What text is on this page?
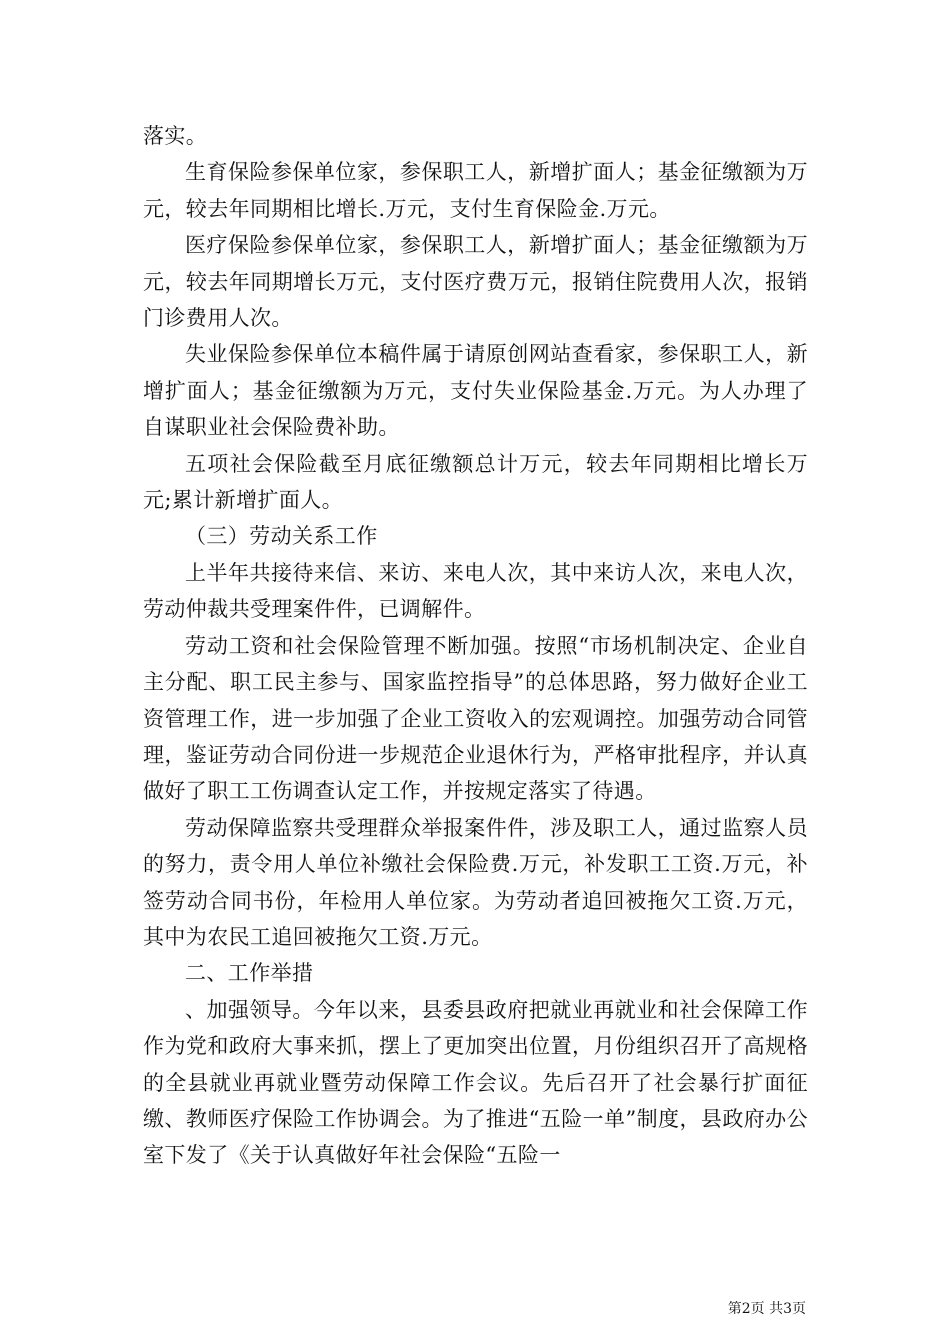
落实。

生育保险参保单位家，参保职工人，新增扩面人；基金征缴额为万元，较去年同期相比增长.万元，支付生育保险金.万元。

医疗保险参保单位家，参保职工人，新增扩面人；基金征缴额为万元，较去年同期增长万元，支付医疗费万元，报销住院费用人次，报销门诊费用人次。

失业保险参保单位本稿件属于请原创网站查看家，参保职工人，新增扩面人；基金征缴额为万元，支付失业保险基金.万元。为人办理了自谋职业社会保险费补助。

五项社会保险截至月底征缴额总计万元，较去年同期相比增长万元;累计新增扩面人。

（三）劳动关系工作

上半年共接待来信、来访、来电人次，其中来访人次，来电人次，劳动仲裁共受理案件件，已调解件。

劳动工资和社会保险管理不断加强。按照“市场机制决定、企业自主分配、职工民主参与、国家监控指导”的总体思路，努力做好企业工资管理工作，进一步加强了企业工资收入的宏观调控。加强劳动合同管理，鉴证劳动合同份进一步规范企业退休行为，严格审批程序，并认真做好了职工工伤调查认定工作，并按规定落实了待遇。

劳动保障监察共受理群众举报案件件，涉及职工人，通过监察人员的努力，责令用人单位补缴社会保险费.万元，补发职工工资.万元，补签劳动合同书份，年检用人单位家。为劳动者追回被拖欠工资.万元，其中为农民工追回被拖欠工资.万元。

二、工作举措

、加强领导。今年以来，县委县政府把就业再就业和社会保障工作作为党和政府大事来抓，摆上了更加突出位置，月份组织召开了高规格的全县就业再就业暨劳动保障工作会议。先后召开了社会暴行扩面征缴、教师医疗保险工作协调会。为了推进“五险一单”制度，县政府办公室下发了《关于认真做好年社会保险“五险一

第2页 共3页
